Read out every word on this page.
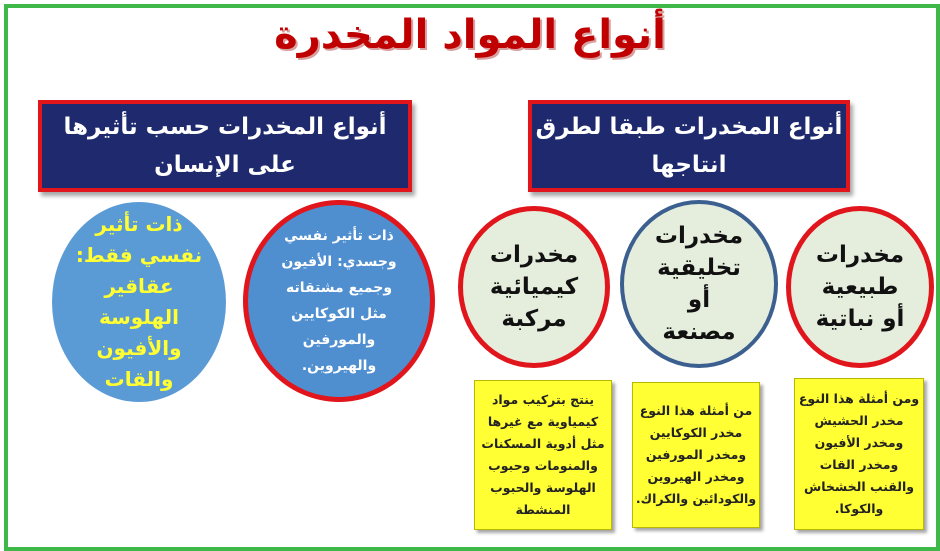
أنواع المواد المخدرة
أنواع المخدرات حسب تأثيرها
على الإنسان
أنواع المخدرات طبقا لطرق
انتاجها
ذات تأثير
نفسي فقط:
عقاقير
الهلوسة
والأفيون
والقات
ذات تأثير نفسي
وجسدي: الأفيون
وجميع مشتقاته
مثل الكوكايين
والمورفين
والهيروين.
مخدرات
كيميائية
مركبة
مخدرات
تخليقية
أو
مصنعة
مخدرات
طبيعية
أو نباتية
ينتج بتركيب مواد
كيمياوية مع غيرها
مثل أدوية المسكنات
والمنومات وحبوب
الهلوسة والحبوب
المنشطة
من أمثلة هذا النوع
مخدر الكوكايين
ومخدر المورفين
ومخدر الهيروين
والكودائين والكراك.
ومن أمثلة هذا النوع
مخدر الحشيش
ومخدر الأفيون
ومخدر القات
والقنب الخشخاش
والكوكا.
